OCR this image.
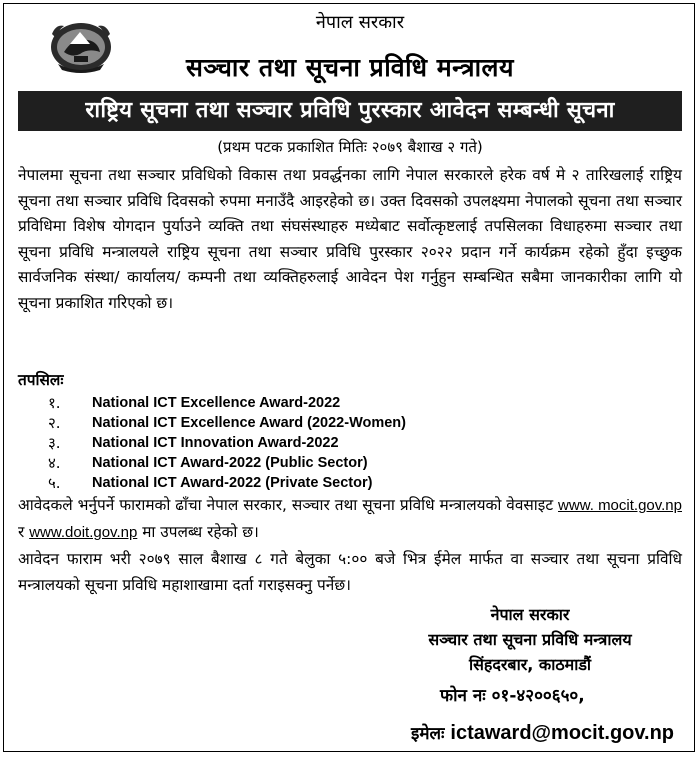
नेपाल सरकार
सञ्चार तथा सूचना प्रविधि मन्त्रालय
राष्ट्रिय सूचना तथा सञ्चार प्रविधि पुरस्कार आवेदन सम्बन्धी सूचना
(प्रथम पटक प्रकाशित मितिः २०७९ बैशाख २ गते)

नेपालमा सूचना तथा सञ्चार प्रविधिको विकास तथा प्रवर्द्धनका लागि नेपाल सरकारले हरेक वर्ष मे २ तारिखलाई राष्ट्रिय सूचना तथा सञ्चार प्रविधि दिवसको रुपमा मनाउँदै आइरहेको छ। उक्त दिवसको उपलक्ष्यमा नेपालको सूचना तथा सञ्चार प्रविधिमा विशेष योगदान पुर्याउने व्यक्ति तथा संघसंस्थाहरु मध्येबाट सर्वोत्कृष्टलाई तपसिलका विधाहरुमा सञ्चार तथा सूचना प्रविधि मन्त्रालयले राष्ट्रिय सूचना तथा सञ्चार प्रविधि पुरस्कार २०२२ प्रदान गर्ने कार्यक्रम रहेको हुँदा इच्छुक सार्वजनिक संस्था/ कार्यालय/ कम्पनी तथा व्यक्तिहरुलाई आवेदन पेश गर्नुहुन सम्बन्धित सबैमा जानकारीका लागि यो सूचना प्रकाशित गरिएको छ।

तपसिलः
१.	National ICT Excellence Award-2022
२.	National ICT Excellence Award (2022-Women)
३.	National ICT Innovation Award-2022
४.	National ICT Award-2022 (Public Sector)
५.	National ICT Award-2022 (Private Sector)

आवेदकले भर्नुपर्ने फारामको ढाँचा नेपाल सरकार, सञ्चार तथा सूचना प्रविधि मन्त्रालयको वेवसाइट www. mocit.gov.np र www.doit.gov.np मा उपलब्ध रहेको छ।

आवेदन फाराम भरी २०७९ साल बैशाख ८ गते बेलुका ५:०० बजे भित्र ईमेल मार्फत वा सञ्चार तथा सूचना प्रविधि मन्त्रालयको सूचना प्रविधि महाशाखामा दर्ता गराइसक्नु पर्नेछ।

नेपाल सरकार
सञ्चार तथा सूचना प्रविधि मन्त्रालय
सिंहदरबार, काठमाडौं
फोन नः ०१-४२००६५०,
इमेलः ictaward@mocit.gov.np
